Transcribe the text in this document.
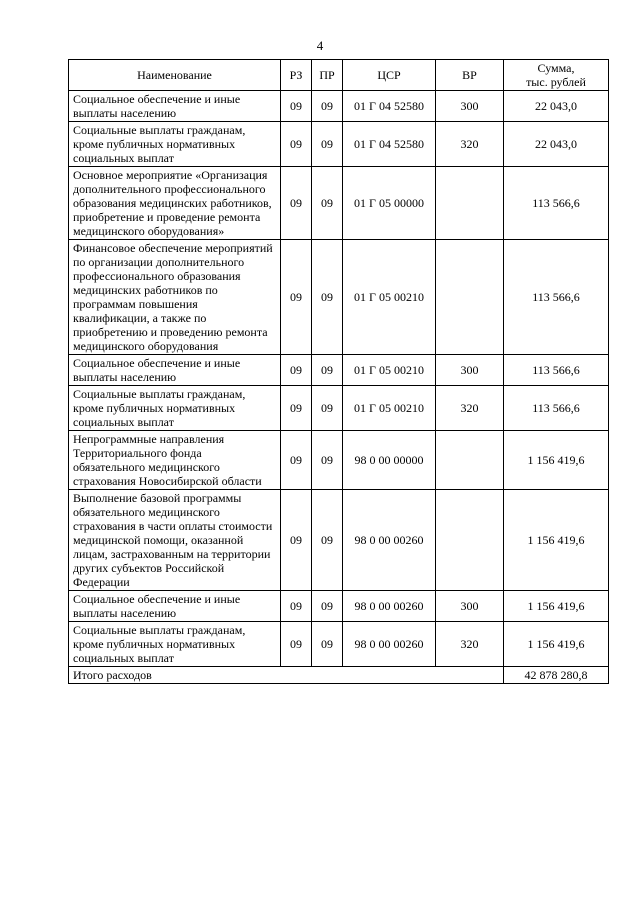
4
Наименование	РЗ	ПР	ЦСР	ВР	Сумма,
тыс. рублей

Социальное обеспечение и иные выплаты населению	09	09	01 Г 04 52580	300	22 043,0
Социальные выплаты гражданам, кроме публичных нормативных социальных выплат	09	09	01 Г 04 52580	320	22 043,0
Основное мероприятие «Организация дополнительного профессионального образования медицинских работников, приобретение и проведение ремонта медицинского оборудования»	09	09	01 Г 05 00000		113 566,6
Финансовое обеспечение мероприятий по организации дополнительного профессионального образования медицинских работников по программам повышения квалификации, а также по приобретению и проведению ремонта медицинского оборудования	09	09	01 Г 05 00210		113 566,6
Социальное обеспечение и иные выплаты населению	09	09	01 Г 05 00210	300	113 566,6
Социальные выплаты гражданам, кроме публичных нормативных социальных выплат	09	09	01 Г 05 00210	320	113 566,6
Непрограммные направления Территориального фонда обязательного медицинского страхования Новосибирской области	09	09	98 0 00 00000		1 156 419,6
Выполнение базовой программы обязательного медицинского страхования в части оплаты стоимости медицинской помощи, оказанной лицам, застрахованным на территории других субъектов Российской Федерации	09	09	98 0 00 00260		1 156 419,6
Социальное обеспечение и иные выплаты населению	09	09	98 0 00 00260	300	1 156 419,6
Социальные выплаты гражданам, кроме публичных нормативных социальных выплат	09	09	98 0 00 00260	320	1 156 419,6
Итого расходов					42 878 280,8
